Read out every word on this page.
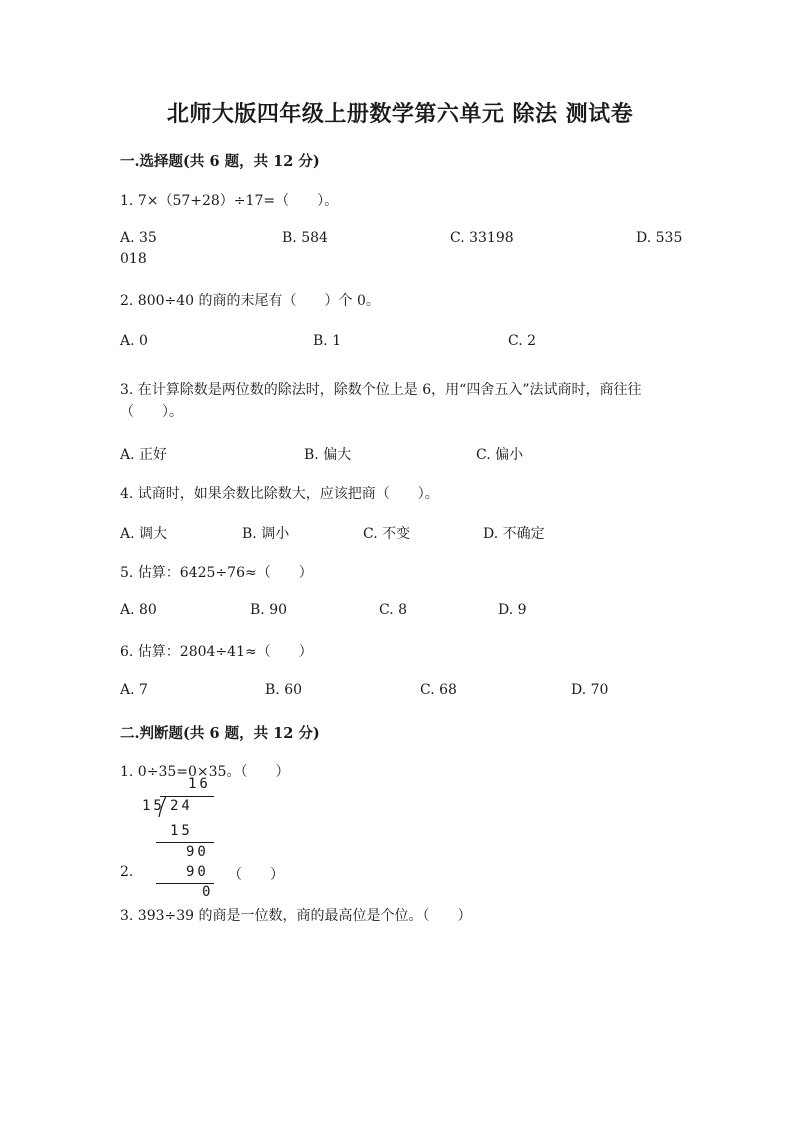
北师大版四年级上册数学第六单元 除法 测试卷
一.选择题(共 6 题，共 12 分)
1. 7×（57+28）÷17=（　　）。
A. 35	B. 584	C. 33198	D. 535
018
2. 800÷40 的商的末尾有（　　）个 0。
A. 0	B. 1	C. 2
3. 在计算除数是两位数的除法时，除数个位上是 6，用“四舍五入”法试商时，商往往（　　）。
A. 正好	B. 偏大	C. 偏小
4. 试商时，如果余数比除数大，应该把商（　　）。
A. 调大	B. 调小	C. 不变	D. 不确定
5. 估算：6425÷76≈（　　）
A. 80	B. 90	C. 8	D. 9
6. 估算：2804÷41≈（　　）
A. 7	B. 60	C. 68	D. 70
二.判断题(共 6 题，共 12 分)
1. 0÷35=0×35。（　　）
16
15 24
15
90
90
0
2.	（　　）
3. 393÷39 的商是一位数，商的最高位是个位。（　　）
